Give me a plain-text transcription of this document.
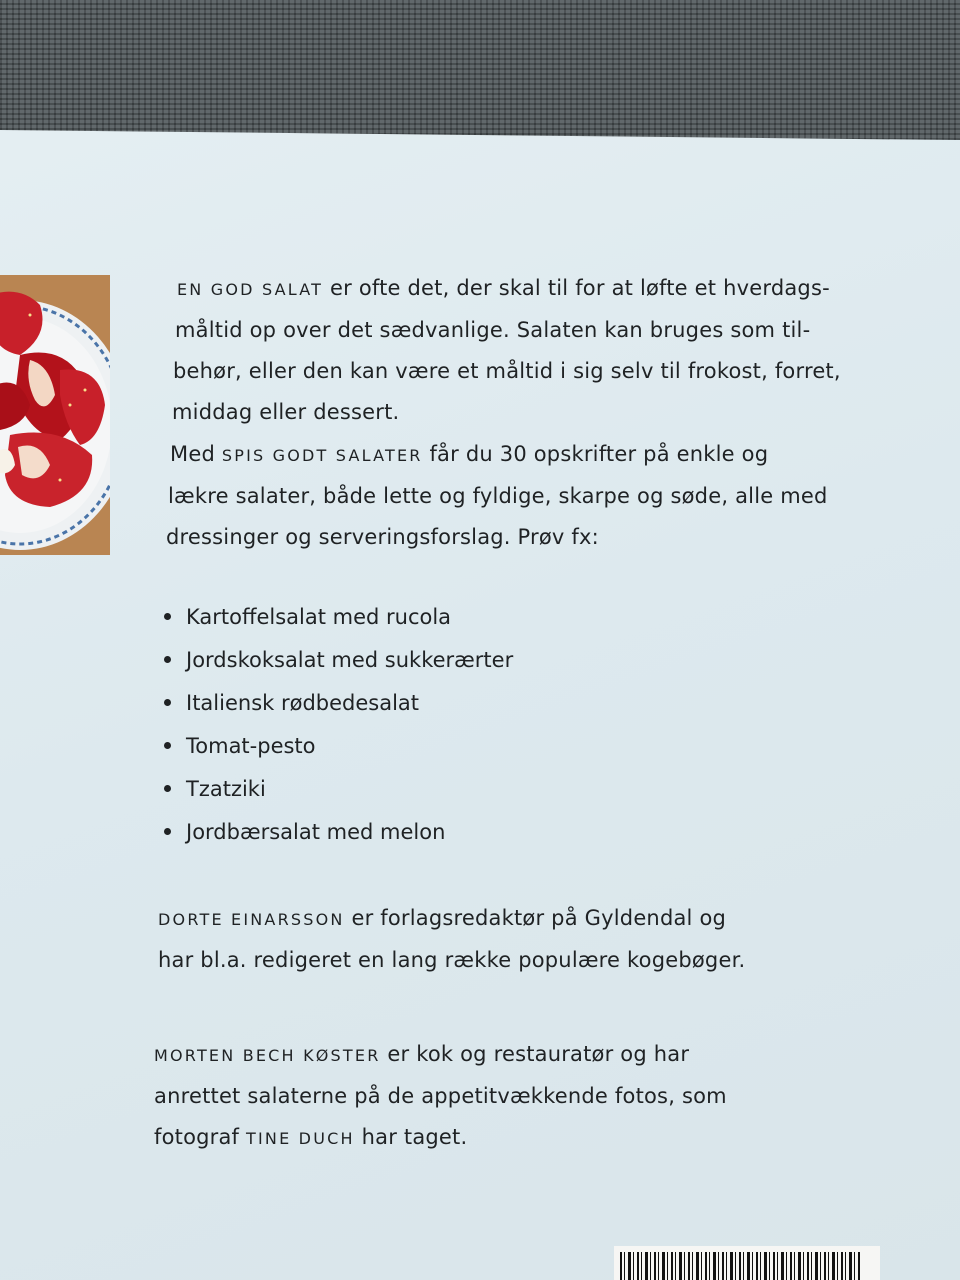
EN GOD SALAT er ofte det, der skal til for at løfte et hverdags-
måltid op over det sædvanlige. Salaten kan bruges som til-
behør, eller den kan være et måltid i sig selv til frokost, forret,
middag eller dessert.
Med SPIS GODT SALATER får du 30 opskrifter på enkle og
lækre salater, både lette og fyldige, skarpe og søde, alle med
dressinger og serveringsforslag. Prøv fx:
Kartoffelsalat med rucola
Jordskoksalat med sukkerærter
Italiensk rødbedesalat
Tomat-pesto
Tzatziki
Jordbærsalat med melon
DORTE EINARSSON er forlagsredaktør på Gyldendal og
har bl.a. redigeret en lang række populære kogebøger.
MORTEN BECH KØSTER er kok og restauratør og har
anrettet salaterne på de appetitvækkende fotos, som
fotograf TINE DUCH har taget.
